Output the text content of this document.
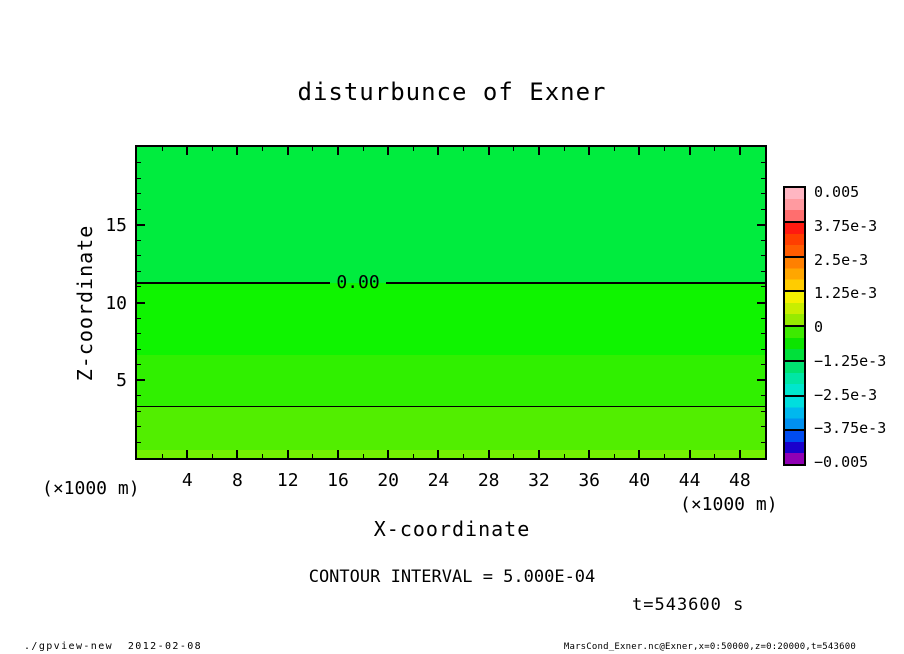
disturbunce of Exner
Z-coordinate
(×1000 m)
0.00
(×1000 m)
X-coordinate
CONTOUR INTERVAL = 5.000E-04
t=543600 s
./gpview-new  2012-02-08	MarsCond_Exner.nc@Exner,x=0:50000,z=0:20000,t=543600
4	8	12	16	20	24	28	32	36	40	44	48
5
10
15
0.005
3.75e-3
2.5e-3
1.25e-3
0
−1.25e-3
−2.5e-3
−3.75e-3
−0.005
